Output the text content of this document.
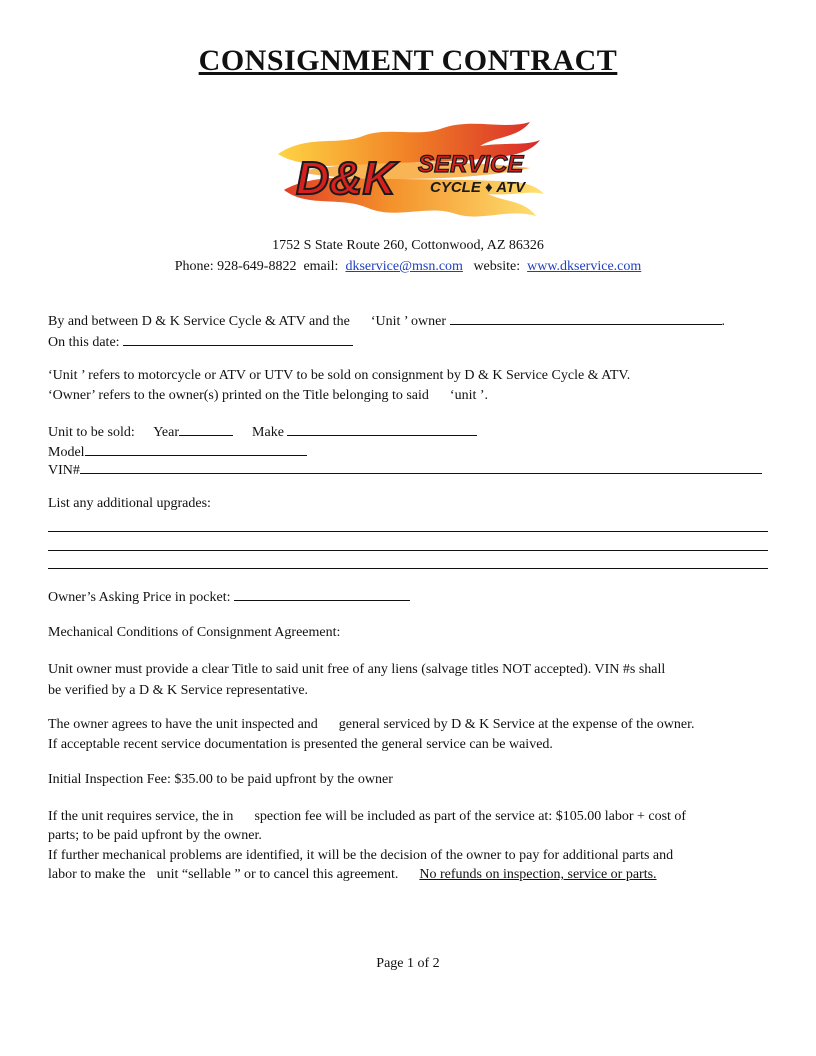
CONSIGNMENT CONTRACT
D&K SERVICE
CYCLE ♦ ATV
1752 S State Route 260, Cottonwood, AZ 86326
Phone: 928-649-8822 email: dkservice@msn.com website: www.dkservice.com
By and between D & K Service Cycle & ATV and the ‘Unit ’ owner	.
On this date:
‘Unit ’ refers to motorcycle or ATV or UTV to be sold on consignment by D & K Service Cycle & ATV.
‘Owner’ refers to the owner(s) printed on the Title belonging to said ‘unit ’.
Unit to be sold: Year	Make
Model
VIN#
List any additional upgrades:
Owner’s Asking Price in pocket:
Mechanical Conditions of Consignment Agreement:
Unit owner must provide a clear Title to said unit free of any liens (salvage titles NOT accepted). VIN #s shall
be verified by a D & K Service representative.
The owner agrees to have the unit inspected and general serviced by D & K Service at the expense of the owner.
If acceptable recent service documentation is presented the general service can be waived.
Initial Inspection Fee: $35.00 to be paid upfront by the owner
If the unit requires service, the in spection fee will be included as part of the service at: $105.00 labor + cost of
parts; to be paid upfront by the owner.
If further mechanical problems are identified, it will be the decision of the owner to pay for additional parts and
labor to make the unit “sellable ” or to cancel this agreement. No refunds on inspection, service or parts.
Page 1 of 2
